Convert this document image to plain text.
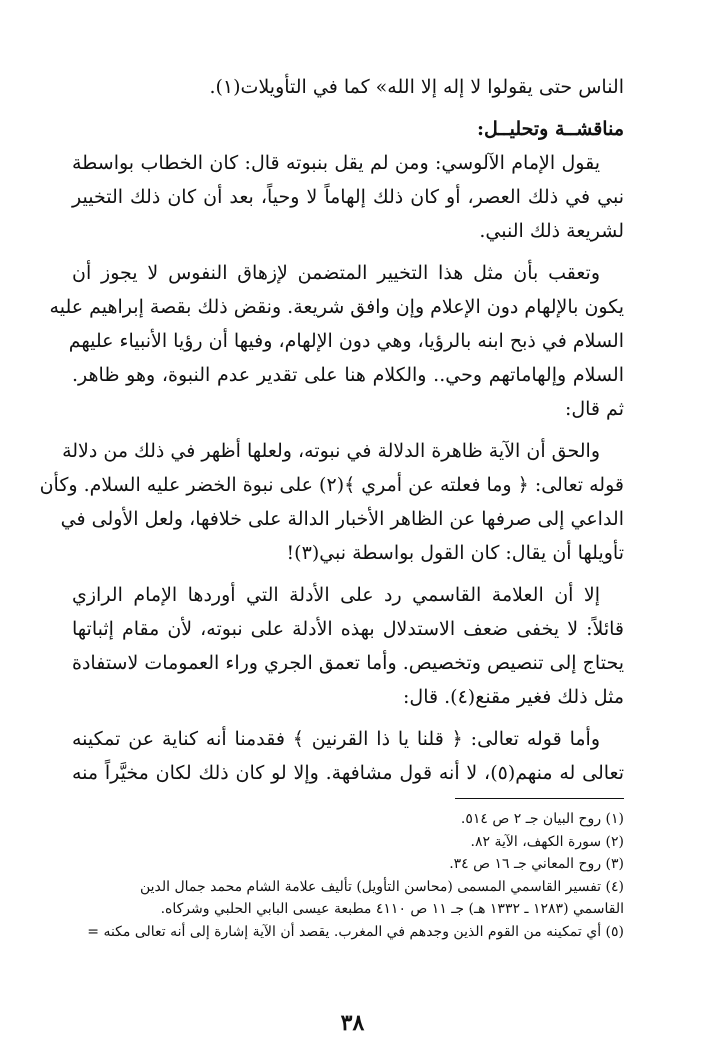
الناس حتى يقولوا لا إله إلا الله» كما في التأويلات(١).
مناقشــة وتحليــل:
يقول الإمام الآلوسي: ومن لم يقل بنبوته قال: كان الخطاب بواسطة
نبي في ذلك العصر، أو كان ذلك إلهاماً لا وحياً، بعد أن كان ذلك التخيير
لشريعة ذلك النبي.
وتعقب بأن مثل هذا التخيير المتضمن لإزهاق النفوس لا يجوز أن
يكون بالإلهام دون الإعلام وإن وافق شريعة. ونقض ذلك بقصة إبراهيم عليه
السلام في ذبح ابنه بالرؤيا، وهي دون الإلهام، وفيها أن رؤيا الأنبياء عليهم
السلام وإلهاماتهم وحي.. والكلام هنا على تقدير عدم النبوة، وهو ظاهر.
ثم قال:
والحق أن الآية ظاهرة الدلالة في نبوته، ولعلها أظهر في ذلك من دلالة
قوله تعالى: ﴿ وما فعلته عن أمري ﴾(٢) على نبوة الخضر عليه السلام. وكأن
الداعي إلى صرفها عن الظاهر الأخبار الدالة على خلافها، ولعل الأولى في
تأويلها أن يقال: كان القول بواسطة نبي(٣)!
إلا أن العلامة القاسمي رد على الأدلة التي أوردها الإمام الرازي
قائلاً: لا يخفى ضعف الاستدلال بهذه الأدلة على نبوته، لأن مقام إثباتها
يحتاج إلى تنصيص وتخصيص. وأما تعمق الجري وراء العمومات لاستفادة
مثل ذلك فغير مقنع(٤). قال:
وأما قوله تعالى: ﴿ قلنا يا ذا القرنين ﴾ فقدمنا أنه كناية عن تمكينه
تعالى له منهم(٥)، لا أنه قول مشافهة. وإلا لو كان ذلك لكان مخيَّراً منه
(١) روح البيان جـ ٢ ص ٥١٤.
(٢) سورة الكهف، الآية ٨٢.
(٣) روح المعاني جـ ١٦ ص ٣٤.
(٤) تفسير القاسمي المسمى (محاسن التأويل) تأليف علامة الشام محمد جمال الدين
القاسمي (١٢٨٣ ـ ١٣٣٢ هـ) جـ ١١ ص ٤١١٠ مطبعة عيسى البابي الحلبي وشركاه.
(٥) أي تمكينه من القوم الذين وجدهم في المغرب. يقصد أن الآية إشارة إلى أنه تعالى مكنه =
٣٨
